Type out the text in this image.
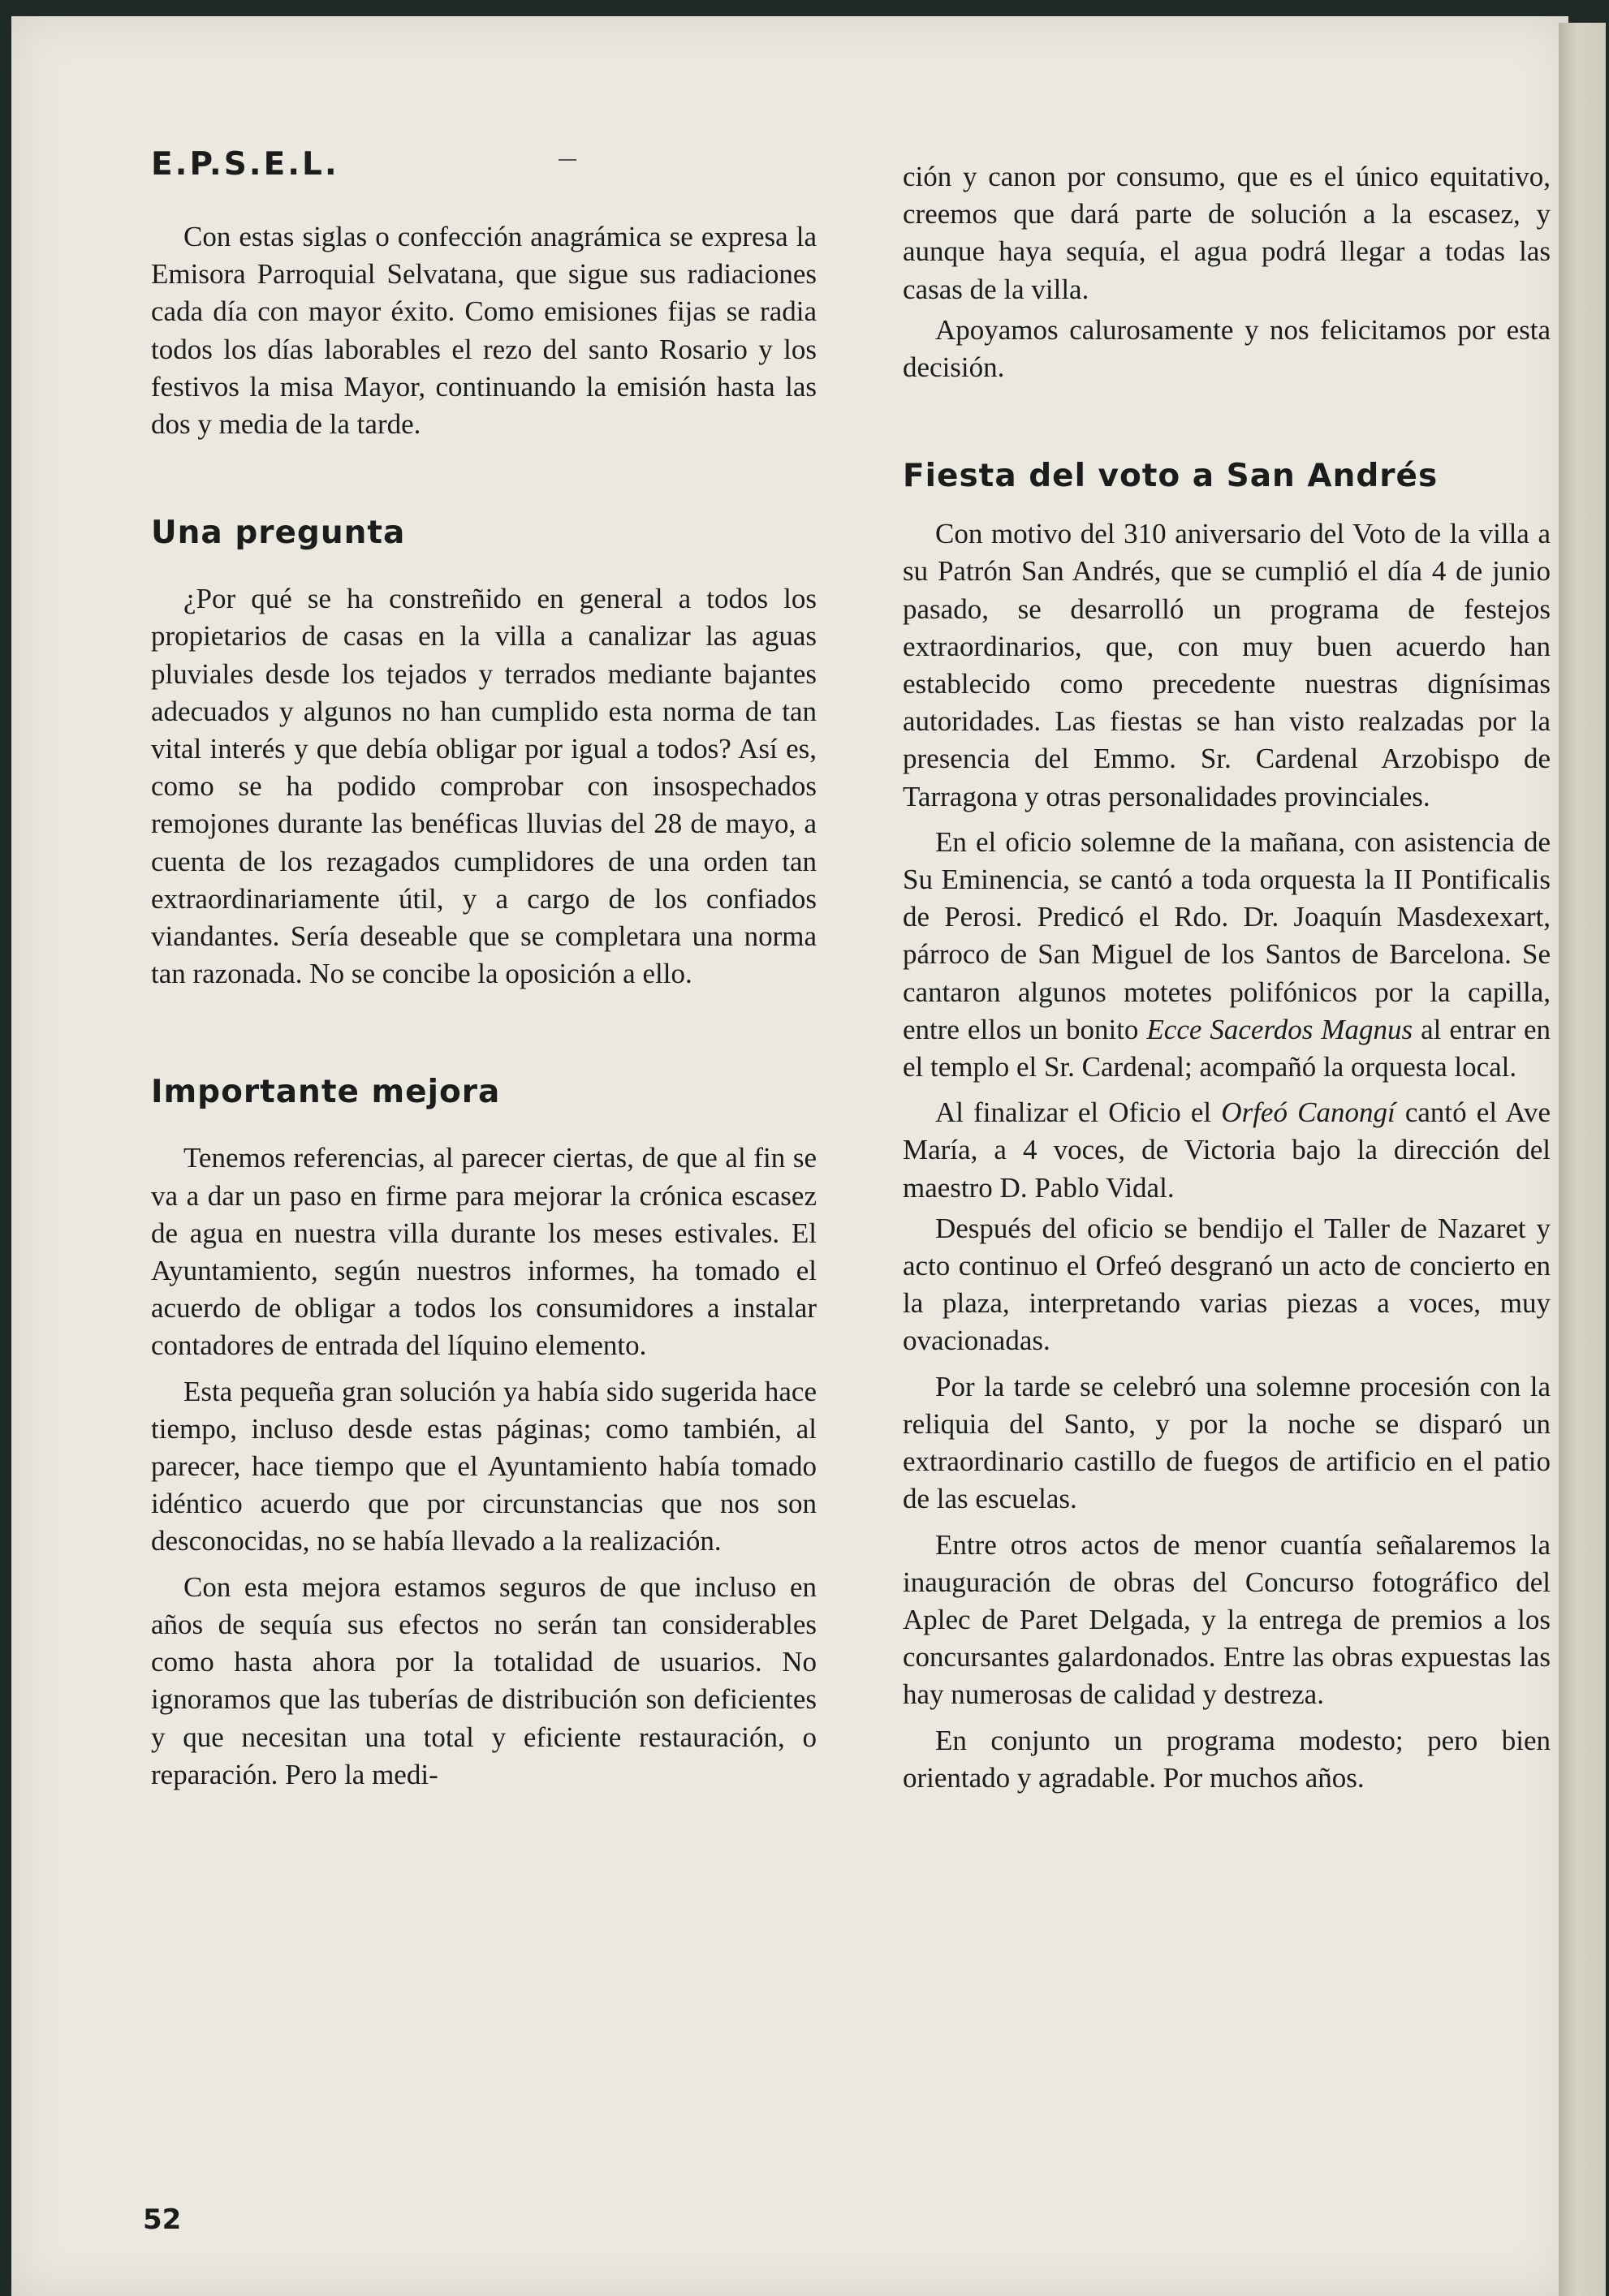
E.P.S.E.L.

Con estas siglas o confección anagrámica se expresa la Emisora Parroquial Selvatana, que sigue sus radiaciones cada día con mayor éxito. Como emisiones fijas se radia todos los días laborables el rezo del santo Rosario y los festivos la misa Mayor, continuando la emisión hasta las dos y media de la tarde.

Una pregunta

¿Por qué se ha constreñido en general a todos los propietarios de casas en la villa a canalizar las aguas pluviales desde los tejados y terrados mediante bajantes adecuados y algunos no han cumplido esta norma de tan vital interés y que debía obligar por igual a todos? Así es, como se ha podido comprobar con insospechados remojones durante las benéficas lluvias del 28 de mayo, a cuenta de los rezagados cumplidores de una orden tan extraordinariamente útil, y a cargo de los confiados viandantes. Sería deseable que se completara una norma tan razonada. No se concibe la oposición a ello.

Importante mejora

Tenemos referencias, al parecer ciertas, de que al fin se va a dar un paso en firme para mejorar la crónica escasez de agua en nuestra villa durante los meses estivales. El Ayuntamiento, según nuestros informes, ha tomado el acuerdo de obligar a todos los consumidores a instalar contadores de entrada del líquino elemento.

Esta pequeña gran solución ya había sido sugerida hace tiempo, incluso desde estas páginas; como también, al parecer, hace tiempo que el Ayuntamiento había tomado idéntico acuerdo que por circunstancias que nos son desconocidas, no se había llevado a la realización.

Con esta mejora estamos seguros de que incluso en años de sequía sus efectos no serán tan considerables como hasta ahora por la totalidad de usuarios. No ignoramos que las tuberías de distribución son deficientes y que necesitan una total y eficiente restauración, o reparación. Pero la medi-

ción y canon por consumo, que es el único equitativo, creemos que dará parte de solución a la escasez, y aunque haya sequía, el agua podrá llegar a todas las casas de la villa.

Apoyamos calurosamente y nos felicitamos por esta decisión.

Fiesta del voto a San Andrés

Con motivo del 310 aniversario del Voto de la villa a su Patrón San Andrés, que se cumplió el día 4 de junio pasado, se desarrolló un programa de festejos extraordinarios, que, con muy buen acuerdo han establecido como precedente nuestras dignísimas autoridades. Las fiestas se han visto realzadas por la presencia del Emmo. Sr. Cardenal Arzobispo de Tarragona y otras personalidades provinciales.

En el oficio solemne de la mañana, con asistencia de Su Eminencia, se cantó a toda orquesta la II Pontificalis de Perosi. Predicó el Rdo. Dr. Joaquín Masdexexart, párroco de San Miguel de los Santos de Barcelona. Se cantaron algunos motetes polifónicos por la capilla, entre ellos un bonito Ecce Sacerdos Magnus al entrar en el templo el Sr. Cardenal; acompañó la orquesta local.

Al finalizar el Oficio el Orfeó Canongí cantó el Ave María, a 4 voces, de Victoria bajo la dirección del maestro D. Pablo Vidal.

Después del oficio se bendijo el Taller de Nazaret y acto continuo el Orfeó desgranó un acto de concierto en la plaza, interpretando varias piezas a voces, muy ovacionadas.

Por la tarde se celebró una solemne procesión con la reliquia del Santo, y por la noche se disparó un extraordinario castillo de fuegos de artificio en el patio de las escuelas.

Entre otros actos de menor cuantía señalaremos la inauguración de obras del Concurso fotográfico del Aplec de Paret Delgada, y la entrega de premios a los concursantes galardonados. Entre las obras expuestas las hay numerosas de calidad y destreza.

En conjunto un programa modesto; pero bien orientado y agradable. Por muchos años.

52
